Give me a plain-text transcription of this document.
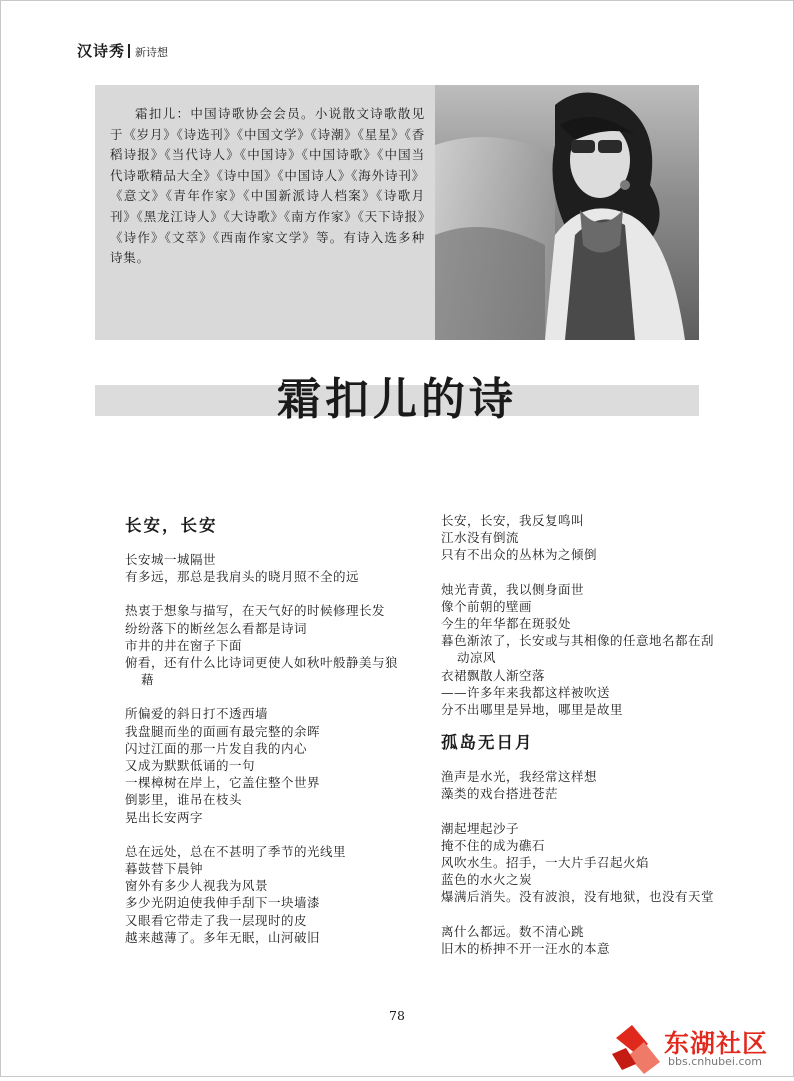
汉诗秀 新诗想
霜扣儿：中国诗歌协会会员。小说散文诗歌散见于《岁月》《诗选刊》《中国文学》《诗潮》《星星》《香稻诗报》《当代诗人》《中国诗》《中国诗歌》《中国当代诗歌精品大全》《诗中国》《中国诗人》《海外诗刊》《意文》《青年作家》《中国新派诗人档案》《诗歌月刊》《黑龙江诗人》《大诗歌》《南方作家》《天下诗报》《诗作》《文萃》《西南作家文学》等。有诗入选多种诗集。
霜扣儿的诗
长安，长安
长安城一城隔世
有多远，那总是我肩头的晓月照不全的远
热衷于想象与描写，在天气好的时候修理长发
纷纷落下的断丝怎么看都是诗词
市井的井在窗子下面
俯看，还有什么比诗词更使人如秋叶般静美与狼藉
所偏爱的斜日打不透西墙
我盘腿而坐的面画有最完整的余晖
闪过江面的那一片发自我的内心
又成为默默低诵的一句
一棵樟树在岸上，它盖住整个世界
倒影里，谁吊在枝头
晃出长安两字
总在远处，总在不甚明了季节的光线里
暮鼓替下晨钟
窗外有多少人视我为风景
多少光阴迫使我伸手刮下一块墙漆
又眼看它带走了我一层现时的皮
越来越薄了。多年无眠，山河破旧
长安，长安，我反复鸣叫
江水没有倒流
只有不出众的丛林为之倾倒
烛光青黄，我以侧身面世
像个前朝的壁画
今生的年华都在斑驳处
暮色渐浓了，长安或与其相像的任意地名都在刮动凉风
衣裙飘散人渐空落
——许多年来我都这样被吹送
分不出哪里是异地，哪里是故里
孤岛无日月
渔声是水光，我经常这样想
藻类的戏台搭进苍茫
潮起埋起沙子
掩不住的成为礁石
风吹水生。招手，一大片手召起火焰
蓝色的水火之炭
爆满后消失。没有波浪，没有地狱，也没有天堂
离什么都远。数不清心跳
旧木的桥抻不开一汪水的本意
78
东湖社区
bbs.cnhubei.com
